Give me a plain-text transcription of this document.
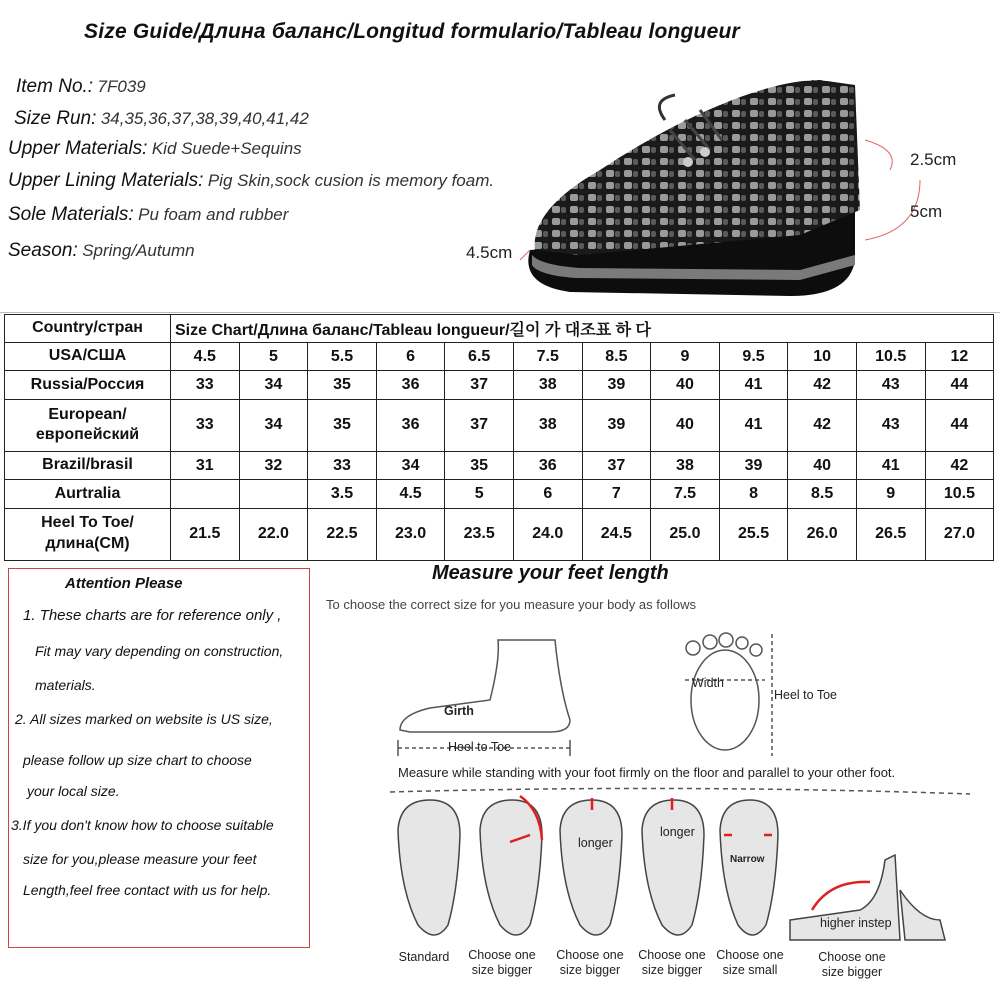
Size Guide/Длина баланс/Longitud formulario/Tableau longueur
Item No.: 7F039
Size Run: 34,35,36,37,38,39,40,41,42
Upper Materials: Kid Suede+Sequins
Upper Lining Materials: Pig Skin,sock cusion is memory foam.
Sole Materials: Pu foam and rubber
Season: Spring/Autumn
2.5cm
5cm
4.5cm
Country/стран	Size Chart/Длина баланс/Tableau longueur/길이 가 대조표 하 다											
USA/США	4.5	5	5.5	6	6.5	7.5	8.5	9	9.5	10	10.5	12
Russia/Россия	33	34	35	36	37	38	39	40	41	42	43	44
European/европейский	33	34	35	36	37	38	39	40	41	42	43	44
Brazil/brasil	31	32	33	34	35	36	37	38	39	40	41	42
Aurtralia			3.5	4.5	5	6	7	7.5	8	8.5	9	10.5
Heel To Toe/длина(CM)	21.5	22.0	22.5	23.0	23.5	24.0	24.5	25.0	25.5	26.0	26.5	27.0
Attention Please
1. These charts are for reference only ,
Fit may vary depending on construction,
materials.
2. All sizes marked on website is US size,
please follow up size chart to choose
your local size.
3.If you don't know how to choose suitable
size for you,please measure your feet
Length,feel free contact with us for help.
Measure your feet length
To choose the correct size for you measure your body as follows
Measure while standing with your foot firmly on the floor and parallel to your other foot.
Girth
Heel to Toe
Width
Heel to Toe
longer
longer
Narrow
higher instep
Standard	Choose one size bigger
Choose one size bigger
Choose one size bigger
Choose one size small
Choose one size bigger
